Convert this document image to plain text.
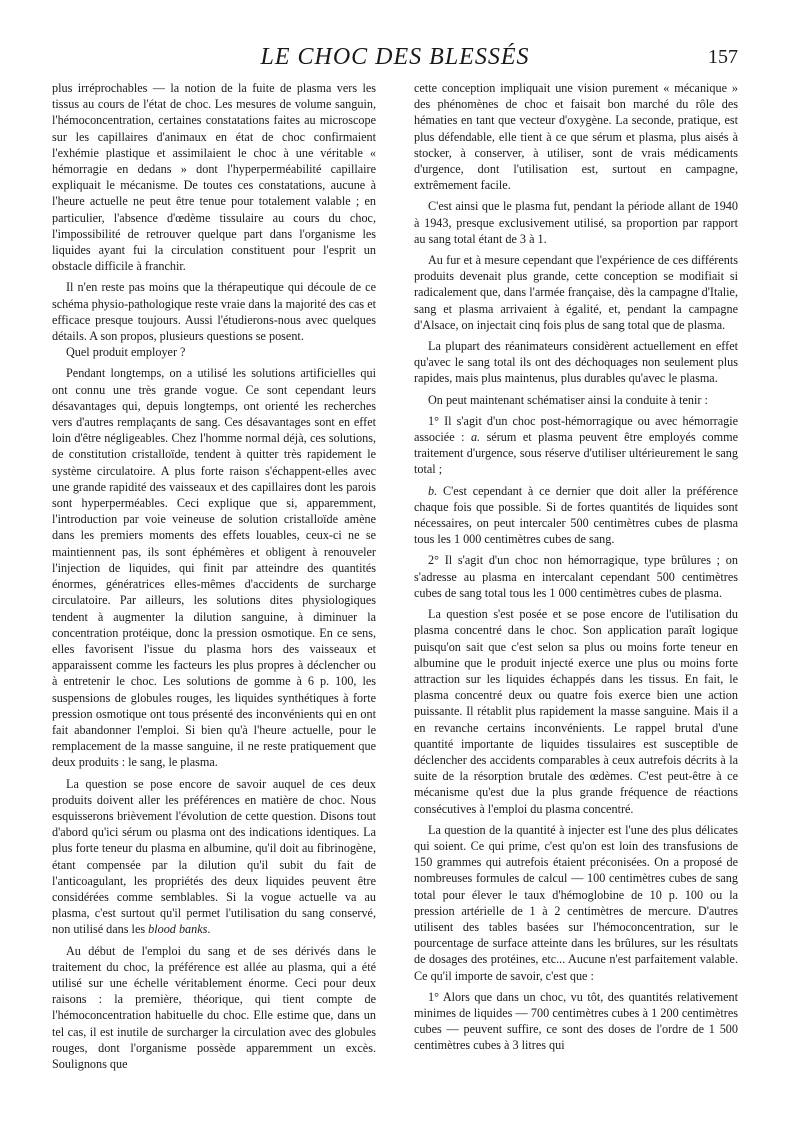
LE CHOC DES BLESSÉS	157

plus irréprochables — la notion de la fuite de plasma vers les tissus au cours de l'état de choc. Les mesures de volume sanguin, l'hémoconcentration, certaines constatations faites au microscope sur les capillaires d'animaux en état de choc confirmaient l'exhémie plastique et assimilaient le choc à une véritable « hémorragie en dedans » dont l'hyperperméabilité capillaire expliquait le mécanisme. De toutes ces constatations, aucune à l'heure actuelle ne peut être tenue pour totalement valable ; en particulier, l'absence d'œdème tissulaire au cours du choc, l'impossibilité de retrouver quelque part dans l'organisme les liquides ayant fui la circulation constituent pour l'esprit un obstacle difficile à franchir.

Il n'en reste pas moins que la thérapeutique qui découle de ce schéma physio-pathologique reste vraie dans la majorité des cas et efficace presque toujours. Aussi l'étudierons-nous avec quelques détails. A son propos, plusieurs questions se posent.

Quel produit employer ?

Pendant longtemps, on a utilisé les solutions artificielles qui ont connu une très grande vogue. Ce sont cependant leurs désavantages qui, depuis longtemps, ont orienté les recherches vers d'autres remplaçants de sang. Ces désavantages sont en effet loin d'être négligeables. Chez l'homme normal déjà, ces solutions, de constitution cristalloïde, tendent à quitter très rapidement le système circulatoire. A plus forte raison s'échappent-elles avec une grande rapidité des vaisseaux et des capillaires dont les parois sont hyperperméables. Ceci explique que si, apparemment, l'introduction par voie veineuse de solution cristalloïde amène dans les premiers moments des effets louables, ceux-ci ne se maintiennent pas, ils sont éphémères et obligent à renouveler l'injection de liquides, qui finit par atteindre des quantités énormes, génératrices elles-mêmes d'accidents de surcharge circulatoire. Par ailleurs, les solutions dites physiologiques tendent à augmenter la dilution sanguine, à diminuer la concentration protéique, donc la pression osmotique. En ce sens, elles favorisent l'issue du plasma hors des vaisseaux et apparaissent comme les facteurs les plus propres à déclencher ou à entretenir le choc. Les solutions de gomme à 6 p. 100, les suspensions de globules rouges, les liquides synthétiques à forte pression osmotique ont tous présenté des inconvénients qui en ont fait abandonner l'emploi. Si bien qu'à l'heure actuelle, pour le remplacement de la masse sanguine, il ne reste pratiquement que deux produits : le sang, le plasma.

La question se pose encore de savoir auquel de ces deux produits doivent aller les préférences en matière de choc. Nous esquisserons brièvement l'évolution de cette question. Disons tout d'abord qu'ici sérum ou plasma ont des indications identiques. La plus forte teneur du plasma en albumine, qu'il doit au fibrinogène, étant compensée par la dilution qu'il subit du fait de l'anticoagulant, les propriétés des deux liquides peuvent être considérées comme semblables. Si la vogue actuelle va au plasma, c'est surtout qu'il permet l'utilisation du sang conservé, non utilisé dans les blood banks.

Au début de l'emploi du sang et de ses dérivés dans le traitement du choc, la préférence est allée au plasma, qui a été utilisé sur une échelle véritablement énorme. Ceci pour deux raisons : la première, théorique, qui tient compte de l'hémoconcentration habituelle du choc. Elle estime que, dans un tel cas, il est inutile de surcharger la circulation avec des globules rouges, dont l'organisme possède apparemment un excès. Soulignons que

cette conception impliquait une vision purement « mécanique » des phénomènes de choc et faisait bon marché du rôle des hématies en tant que vecteur d'oxygène. La seconde, pratique, est plus défendable, elle tient à ce que sérum et plasma, plus aisés à stocker, à conserver, à utiliser, sont de vrais médicaments d'urgence, dont l'utilisation est, surtout en campagne, extrêmement facile.

C'est ainsi que le plasma fut, pendant la période allant de 1940 à 1943, presque exclusivement utilisé, sa proportion par rapport au sang total étant de 3 à 1.

Au fur et à mesure cependant que l'expérience de ces différents produits devenait plus grande, cette conception se modifiait si radicalement que, dans l'armée française, dès la campagne d'Italie, sang et plasma arrivaient à égalité, et, pendant la campagne d'Alsace, on injectait cinq fois plus de sang total que de plasma.

La plupart des réanimateurs considèrent actuellement en effet qu'avec le sang total ils ont des déchoquages non seulement plus rapides, mais plus maintenus, plus durables qu'avec le plasma.

On peut maintenant schématiser ainsi la conduite à tenir :

1° Il s'agit d'un choc post-hémorragique ou avec hémorragie associée : a. sérum et plasma peuvent être employés comme traitement d'urgence, sous réserve d'utiliser ultérieurement le sang total ;

b. C'est cependant à ce dernier que doit aller la préférence chaque fois que possible. Si de fortes quantités de liquides sont nécessaires, on peut intercaler 500 centimètres cubes de plasma tous les 1 000 centimètres cubes de sang.

2° Il s'agit d'un choc non hémorragique, type brûlures ; on s'adresse au plasma en intercalant cependant 500 centimètres cubes de sang total tous les 1 000 centimètres cubes de plasma.

La question s'est posée et se pose encore de l'utilisation du plasma concentré dans le choc. Son application paraît logique puisqu'on sait que c'est selon sa plus ou moins forte teneur en albumine que le produit injecté exerce une plus ou moins forte attraction sur les liquides échappés dans les tissus. En fait, le plasma concentré deux ou quatre fois exerce bien une action puissante. Il rétablit plus rapidement la masse sanguine. Mais il a en revanche certains inconvénients. Le rappel brutal d'une quantité importante de liquides tissulaires est susceptible de déclencher des accidents comparables à ceux autrefois décrits à la suite de la résorption brutale des œdèmes. C'est peut-être à ce mécanisme qu'est due la plus grande fréquence de réactions consécutives à l'emploi du plasma concentré.

La question de la quantité à injecter est l'une des plus délicates qui soient. Ce qui prime, c'est qu'on est loin des transfusions de 150 grammes qui autrefois étaient préconisées. On a proposé de nombreuses formules de calcul — 100 centimètres cubes de sang total pour élever le taux d'hémoglobine de 10 p. 100 ou la pression artérielle de 1 à 2 centimètres de mercure. D'autres utilisent des tables basées sur l'hémoconcentration, sur le pourcentage de surface atteinte dans les brûlures, sur les résultats de dosages des protéines, etc... Aucune n'est parfaitement valable. Ce qu'il importe de savoir, c'est que :

1° Alors que dans un choc, vu tôt, des quantités relativement minimes de liquides — 700 centimètres cubes à 1 200 centimètres cubes — peuvent suffire, ce sont des doses de l'ordre de 1 500 centimètres cubes à 3 litres qui
